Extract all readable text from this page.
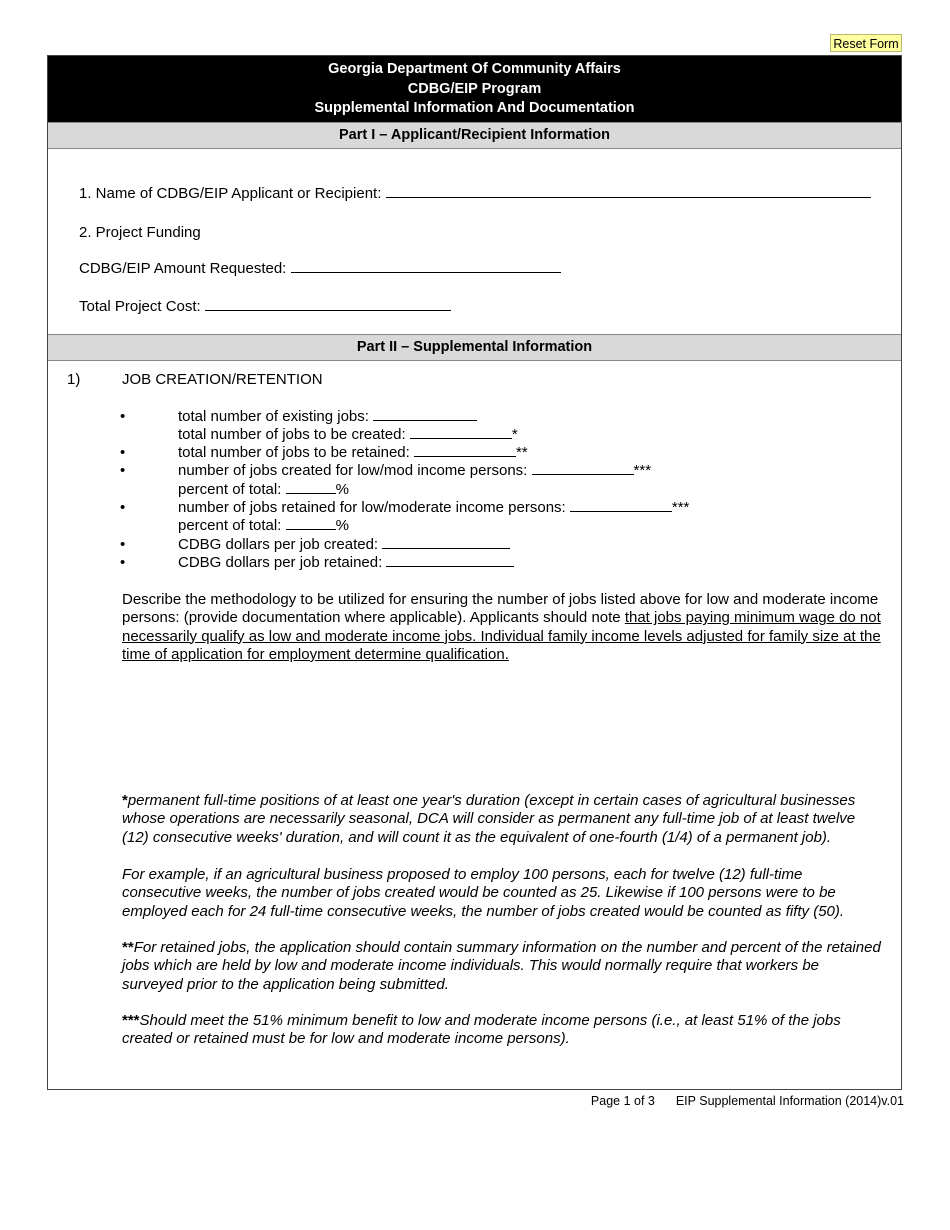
Reset Form
Georgia Department Of Community Affairs
CDBG/EIP Program
Supplemental Information And Documentation
Part I – Applicant/Recipient Information
1. Name of CDBG/EIP Applicant or Recipient:
2. Project Funding
CDBG/EIP Amount Requested:
Total Project Cost:
Part II – Supplemental Information
1)	JOB CREATION/RETENTION
•	total number of existing jobs:
total number of jobs to be created:	*
•	total number of jobs to be retained:	**
•	number of jobs created for low/mod income persons:	***
percent of total:	%
•	number of jobs retained for low/moderate income persons:	***
percent of total:	%
•	CDBG dollars per job created:
•	CDBG dollars per job retained:
Describe the methodology to be utilized for ensuring the number of jobs listed above for low and moderate income persons: (provide documentation where applicable). Applicants should note that jobs paying minimum wage do not necessarily qualify as low and moderate income jobs. Individual family income levels adjusted for family size at the time of application for employment determine qualification.
*permanent full-time positions of at least one year's duration (except in certain cases of agricultural businesses whose operations are necessarily seasonal, DCA will consider as permanent any full-time job of at least twelve (12) consecutive weeks' duration, and will count it as the equivalent of one-fourth (1/4) of a permanent job).
For example, if an agricultural business proposed to employ 100 persons, each for twelve (12) full-time consecutive weeks, the number of jobs created would be counted as 25. Likewise if 100 persons were to be employed each for 24 full-time consecutive weeks, the number of jobs created would be counted as fifty (50).
**For retained jobs, the application should contain summary information on the number and percent of the retained jobs which are held by low and moderate income individuals. This would normally require that workers be surveyed prior to the application being submitted.
***Should meet the 51% minimum benefit to low and moderate income persons (i.e., at least 51% of the jobs created or retained must be for low and moderate income persons).
Page 1 of 3 EIP Supplemental Information (2014)v.01
